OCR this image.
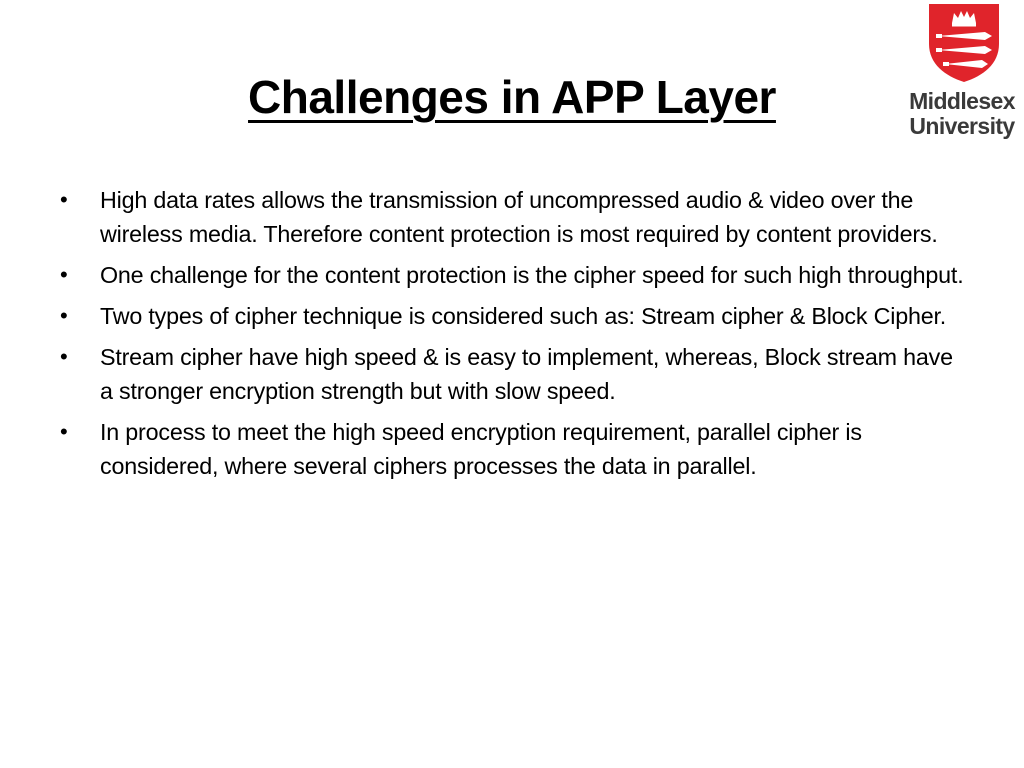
Challenges in APP Layer	Middlesex
University
• High data rates allows the transmission of uncompressed audio & video over the wireless media. Therefore content protection is most required by content providers.
• One challenge for the content protection is the cipher speed for such high throughput.
• Two types of cipher technique is considered such as: Stream cipher & Block Cipher.
• Stream cipher have high speed & is easy to implement, whereas, Block stream have a stronger encryption strength but with slow speed.
• In process to meet the high speed encryption requirement, parallel cipher is considered, where several ciphers processes the data in parallel.
